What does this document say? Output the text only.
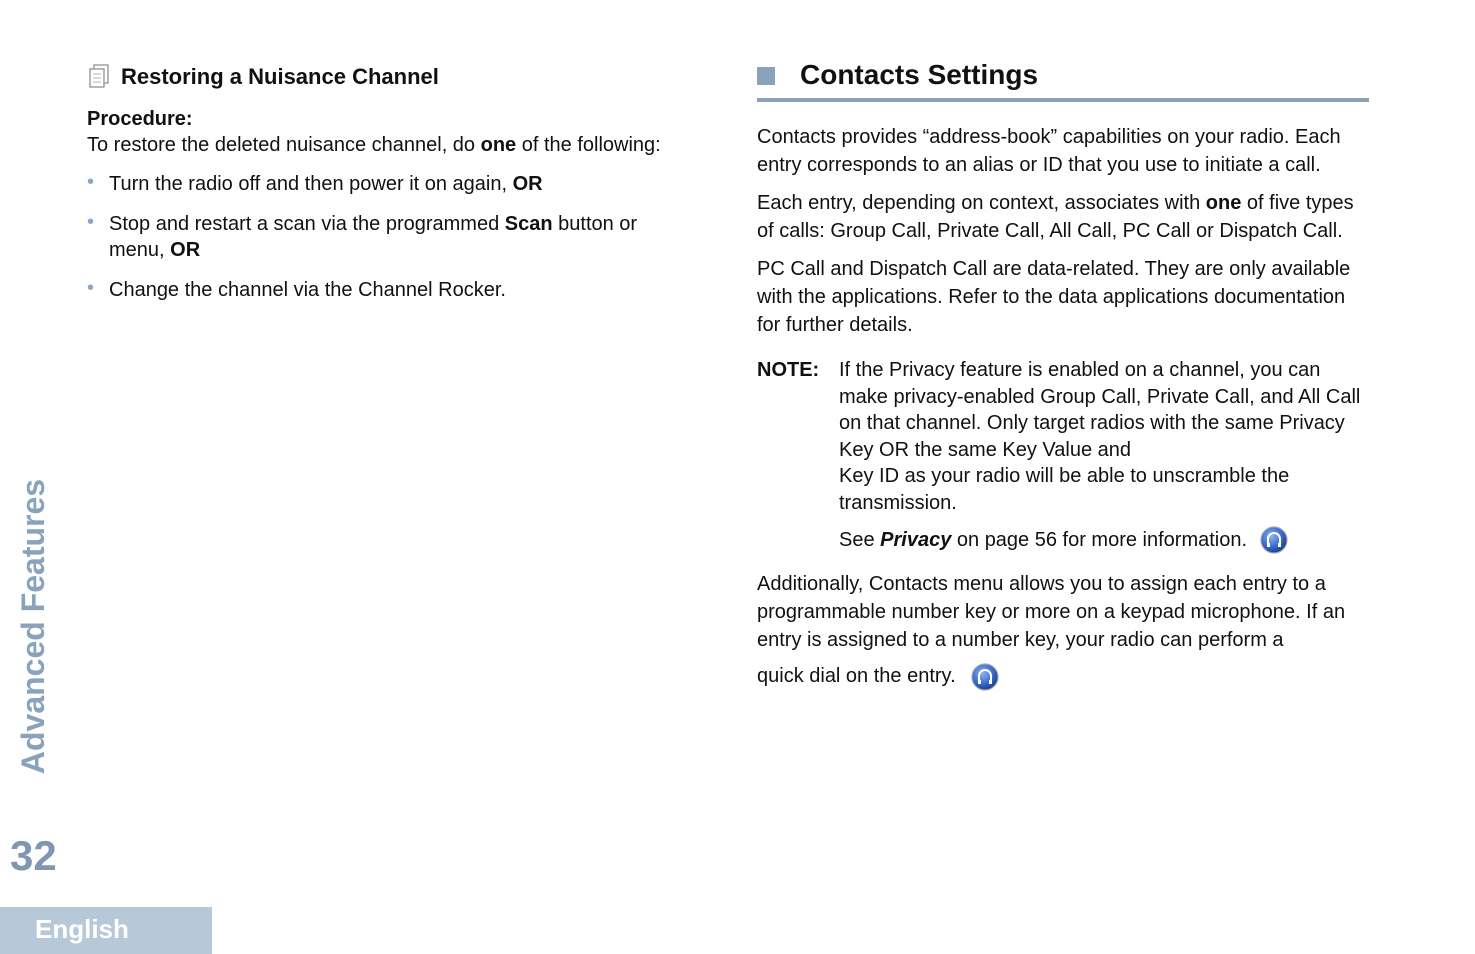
Restoring a Nuisance Channel

Procedure:

To restore the deleted nuisance channel, do one of the following:

• Turn the radio off and then power it on again, OR
• Stop and restart a scan via the programmed Scan button or menu, OR
• Change the channel via the Channel Rocker.
Contacts Settings

Contacts provides “address-book” capabilities on your radio. Each entry corresponds to an alias or ID that you use to initiate a call.

Each entry, depending on context, associates with one of five types of calls: Group Call, Private Call, All Call, PC Call or Dispatch Call.

PC Call and Dispatch Call are data-related. They are only available with the applications. Refer to the data applications documentation for further details.

NOTE: If the Privacy feature is enabled on a channel, you can make privacy-enabled Group Call, Private Call, and All Call on that channel. Only target radios with the same Privacy Key OR the same Key Value and
Key ID as your radio will be able to unscramble the transmission.
See Privacy on page 56 for more information.

Additionally, Contacts menu allows you to assign each entry to a programmable number key or more on a keypad microphone. If an entry is assigned to a number key, your radio can perform a
quick dial on the entry.

Advanced Features
32
English
